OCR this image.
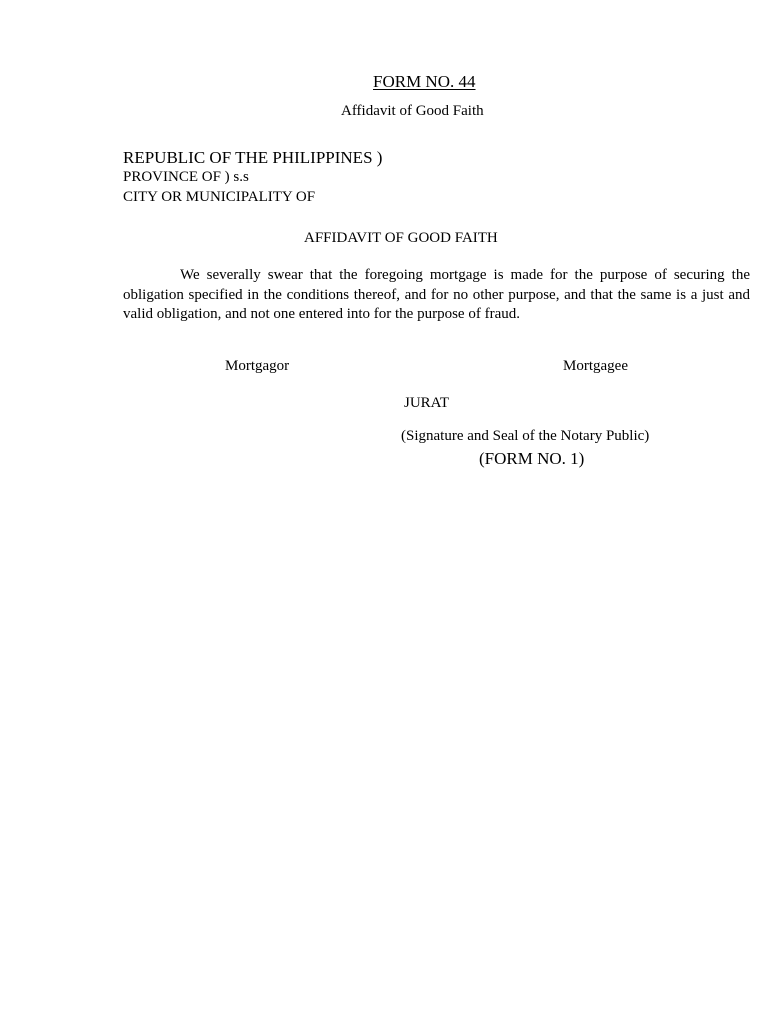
FORM NO. 44
Affidavit of Good Faith
REPUBLIC OF THE PHILIPPINES )
PROVINCE OF ) s.s
CITY OR MUNICIPALITY OF
AFFIDAVIT OF GOOD FAITH

We severally swear that the foregoing mortgage is made for the purpose of securing the obligation specified in the conditions thereof, and for no other purpose, and that the same is a just and valid obligation, and not one entered into for the purpose of fraud.

Mortgagor	Mortgagee
JURAT
(Signature and Seal of the Notary Public)
(FORM NO. 1)
